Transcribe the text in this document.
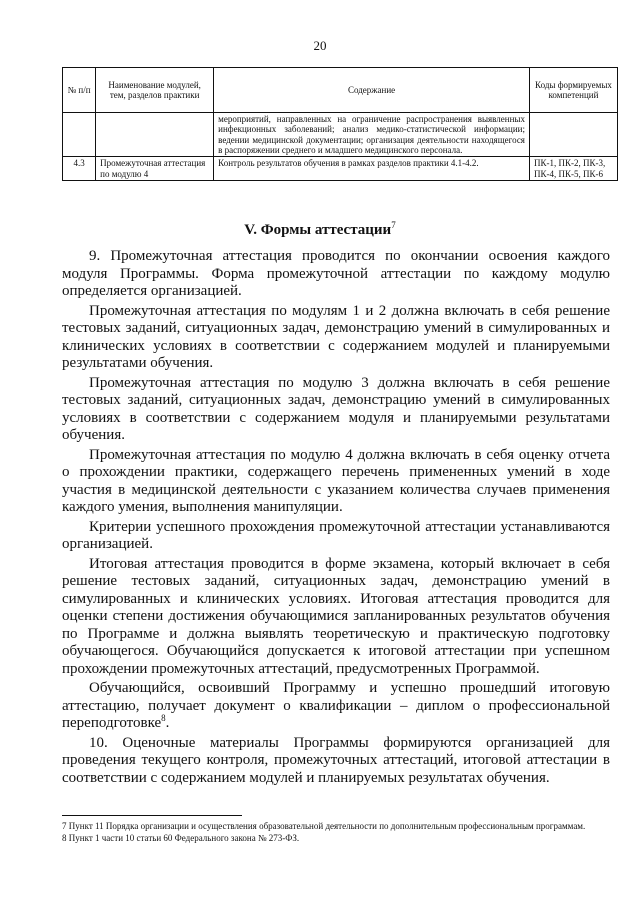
20
№ п/п	Наименование модулей, тем, разделов практики	Содержание	Коды формируемых компетенций
		мероприятий, направленных на ограничение распространения выявленных инфекционных заболеваний; анализ медико-статистической информации; ведении медицинской документации; организация деятельности находящегося в распоряжении среднего и младшего медицинского персонала.	
4.3	Промежуточная аттестация по модулю 4	Контроль результатов обучения в рамках разделов практики 4.1-4.2.	ПК-1, ПК-2, ПК-3, ПК-4, ПК-5, ПК-6
V. Формы аттестации$^7$

9. Промежуточная аттестация проводится по окончании освоения каждого модуля Программы. Форма промежуточной аттестации по каждому модулю определяется организацией.

Промежуточная аттестация по модулям 1 и 2 должна включать в себя решение тестовых заданий, ситуационных задач, демонстрацию умений в симулированных и клинических условиях в соответствии с содержанием модулей и планируемыми результатами обучения.

Промежуточная аттестация по модулю 3 должна включать в себя решение тестовых заданий, ситуационных задач, демонстрацию умений в симулированных условиях в соответствии с содержанием модуля и планируемыми результатами обучения.

Промежуточная аттестация по модулю 4 должна включать в себя оценку отчета о прохождении практики, содержащего перечень примененных умений в ходе участия в медицинской деятельности с указанием количества случаев применения каждого умения, выполнения манипуляции.

Критерии успешного прохождения промежуточной аттестации устанавливаются организацией.

Итоговая аттестация проводится в форме экзамена, который включает в себя решение тестовых заданий, ситуационных задач, демонстрацию умений в симулированных и клинических условиях. Итоговая аттестация проводится для оценки степени достижения обучающимися запланированных результатов обучения по Программе и должна выявлять теоретическую и практическую подготовку обучающегося. Обучающийся допускается к итоговой аттестации при успешном прохождении промежуточных аттестаций, предусмотренных Программой.

Обучающийся, освоивший Программу и успешно прошедший итоговую аттестацию, получает документ о квалификации – диплом о профессиональной переподготовке$^8$.

10. Оценочные материалы Программы формируются организацией для проведения текущего контроля, промежуточных аттестаций, итоговой аттестации в соответствии с содержанием модулей и планируемых результатах обучения.

7 Пункт 11 Порядка организации и осуществления образовательной деятельности по дополнительным профессиональным программам.

8 Пункт 1 части 10 статьи 60 Федерального закона № 273-ФЗ.
